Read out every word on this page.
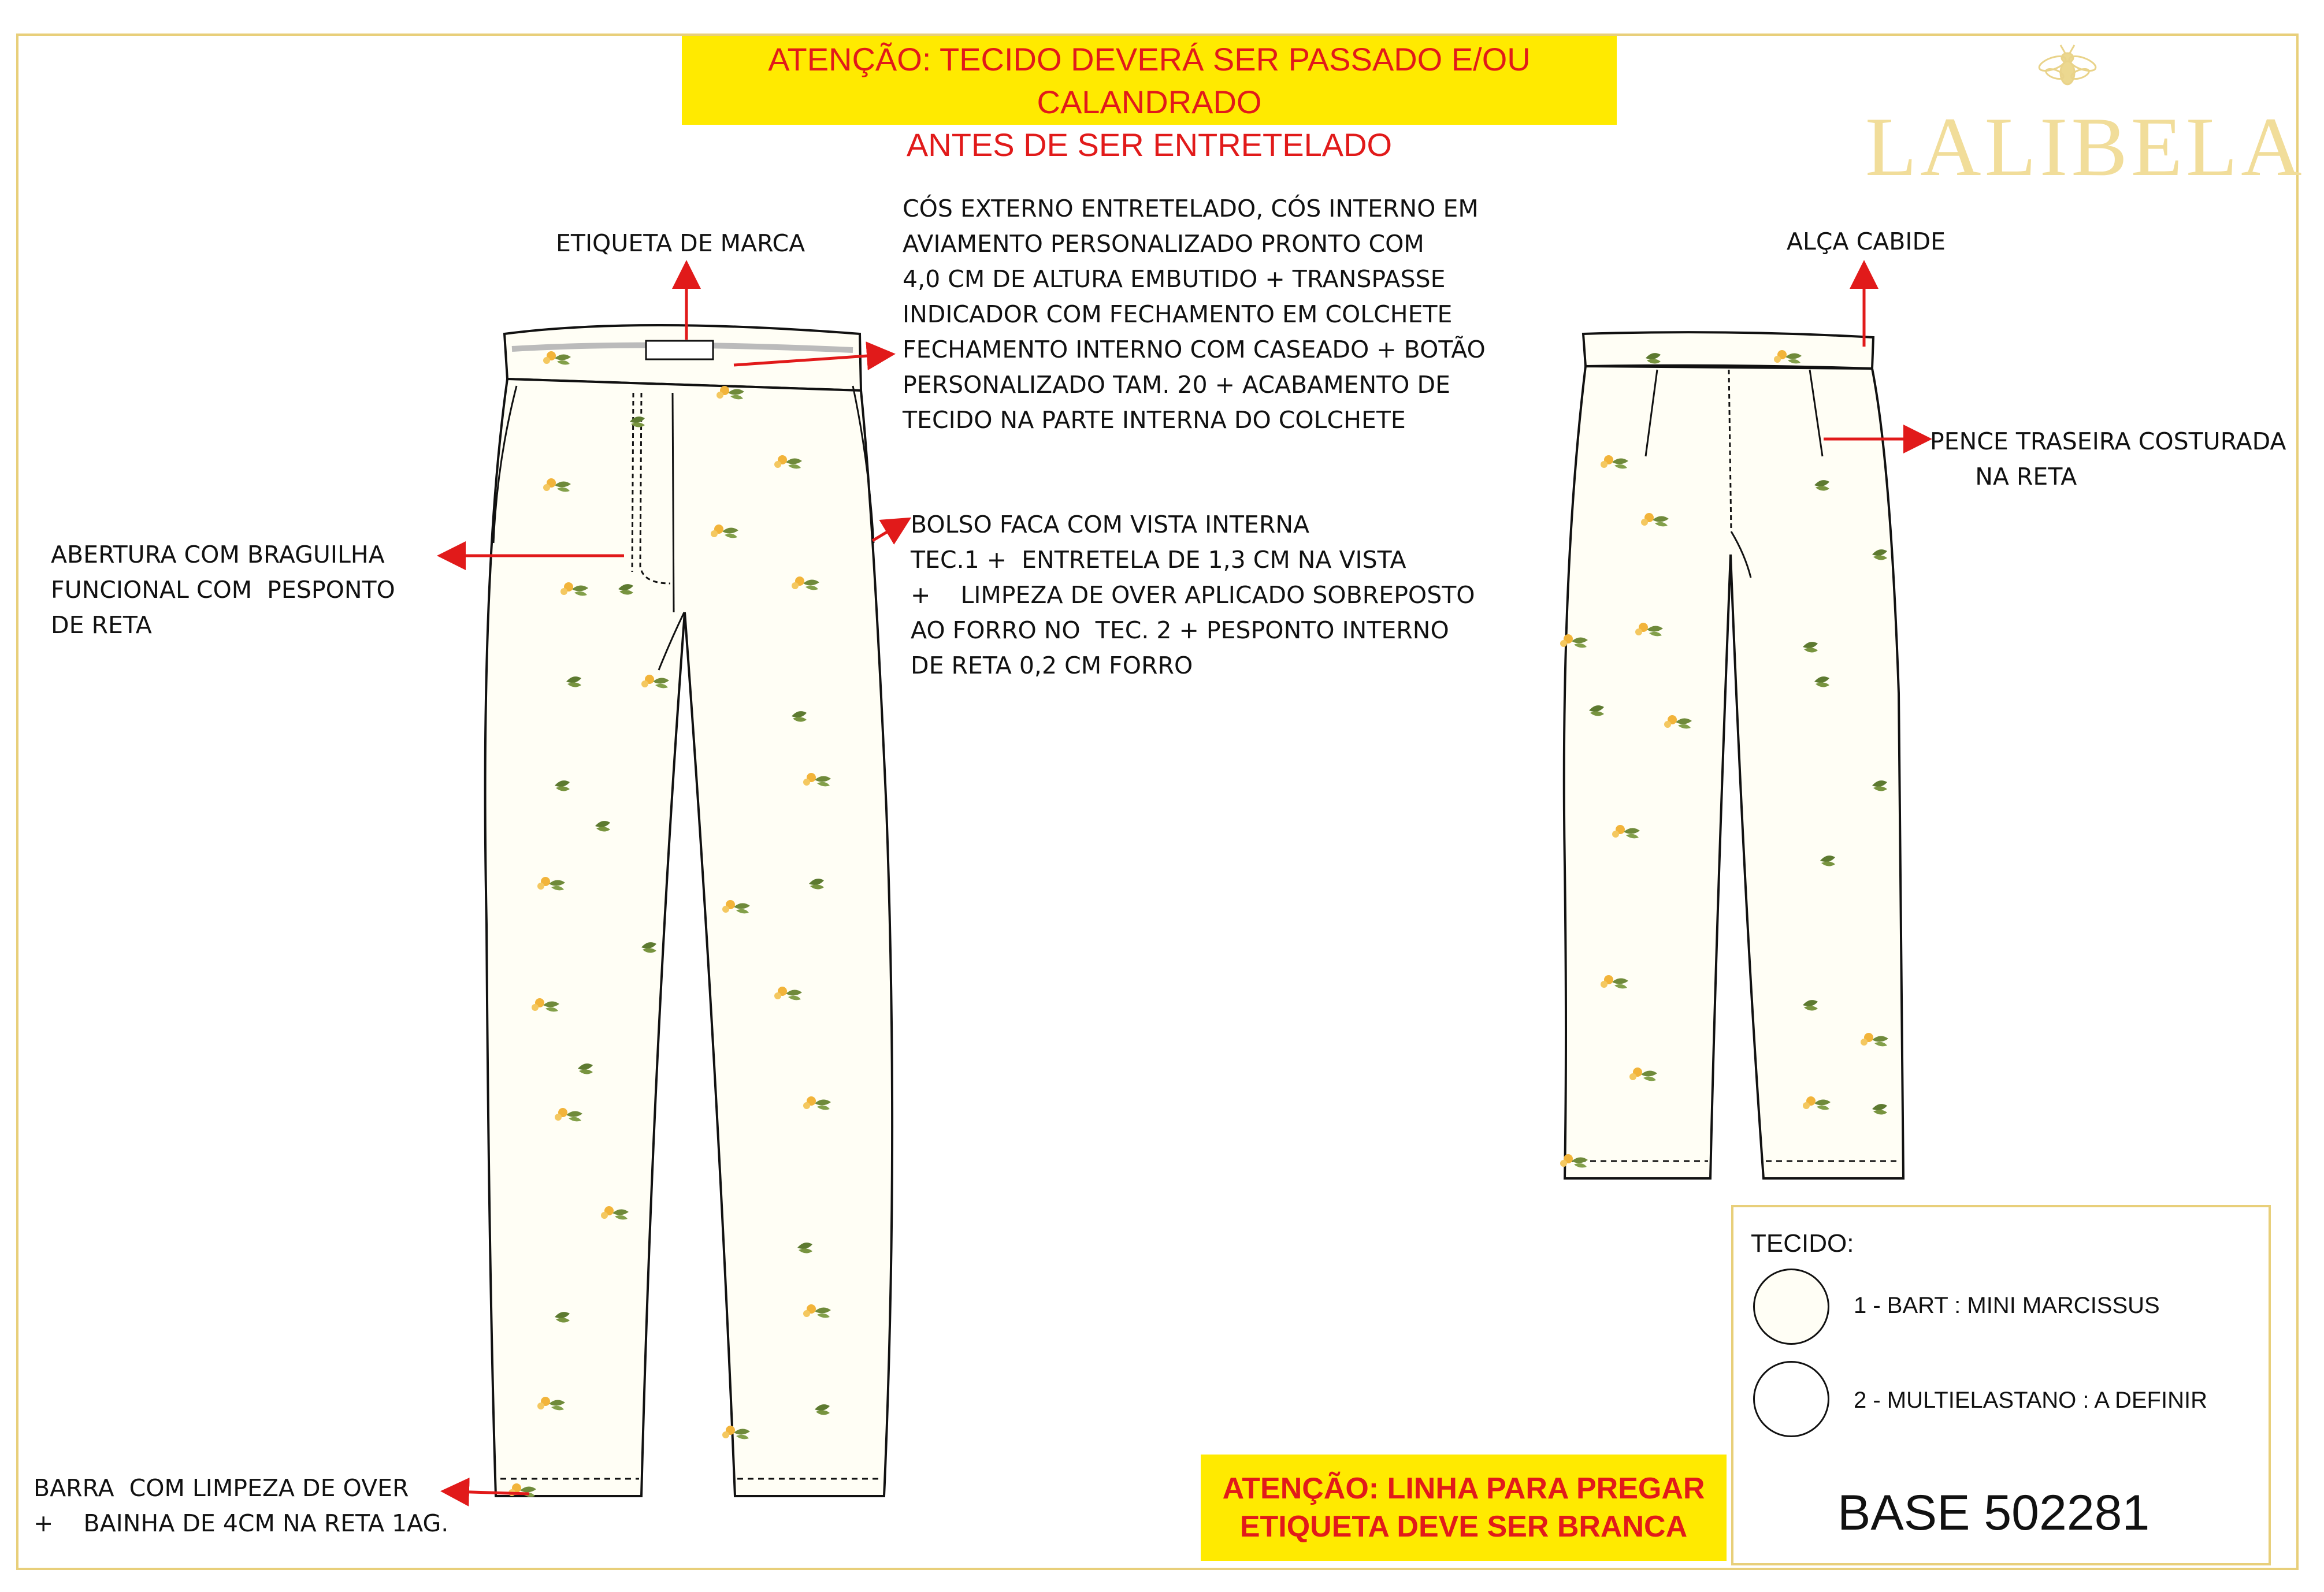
ATENÇÃO: TECIDO DEVERÁ SER PASSADO E/OU CALANDRADO
ANTES DE SER ENTRETELADO	LALIBELA
ETIQUETA DE MARCA
CÓS EXTERNO ENTRETELADO, CÓS INTERNO EM
AVIAMENTO PERSONALIZADO PRONTO COM
4,0 CM DE ALTURA EMBUTIDO + TRANSPASSE
INDICADOR COM FECHAMENTO EM COLCHETE
FECHAMENTO INTERNO COM CASEADO + BOTÃO
PERSONALIZADO TAM. 20 + ACABAMENTO DE
TECIDO NA PARTE INTERNA DO COLCHETE
ABERTURA COM BRAGUILHA
FUNCIONAL COM  PESPONTO
DE RETA
BOLSO FACA COM VISTA INTERNA
TEC.1 +  ENTRETELA DE 1,3 CM NA VISTA
+    LIMPEZA DE OVER APLICADO SOBREPOSTO
AO FORRO NO  TEC. 2 + PESPONTO INTERNO
DE RETA 0,2 CM FORRO
BARRA  COM LIMPEZA DE OVER
+    BAINHA DE 4CM NA RETA 1AG.
ALÇA CABIDE
PENCE TRASEIRA COSTURADA
NA RETA
TECIDO:
1 - BART : MINI MARCISSUS
2 - MULTIELASTANO : A DEFINIR
BASE 502281
ATENÇÃO: LINHA PARA PREGAR
ETIQUETA DEVE SER BRANCA
